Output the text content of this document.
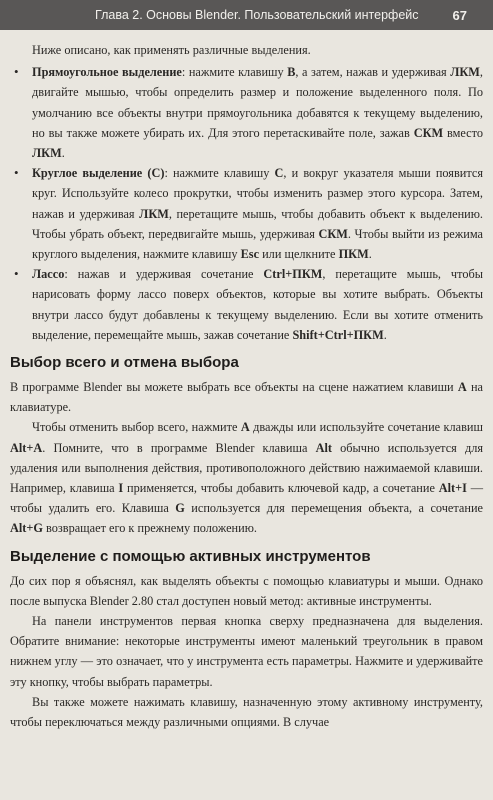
Глава 2. Основы Blender. Пользовательский интерфейс	67

Ниже описано, как применять различные выделения.

• Прямоугольное выделение: нажмите клавишу B, а затем, нажав и удерживая ЛКМ, двигайте мышью, чтобы определить размер и положение выделенного поля. По умолчанию все объекты внутри прямоугольника добавятся к текущему выделению, но вы также можете убирать их. Для этого перетаскивайте поле, зажав СКМ вместо ЛКМ.
• Круглое выделение (C): нажмите клавишу C, и вокруг указателя мыши появится круг. Используйте колесо прокрутки, чтобы изменить размер этого курсора. Затем, нажав и удерживая ЛКМ, перетащите мышь, чтобы добавить объект к выделению. Чтобы убрать объект, передвигайте мышь, удерживая СКМ. Чтобы выйти из режима круглого выделения, нажмите клавишу Esc или щелкните ПКМ.
• Лассо: нажав и удерживая сочетание Ctrl+ПКМ, перетащите мышь, чтобы нарисовать форму лассо поверх объектов, которые вы хотите выбрать. Объекты внутри лассо будут добавлены к текущему выделению. Если вы хотите отменить выделение, перемещайте мышь, зажав сочетание Shift+Ctrl+ПКМ.
Выбор всего и отмена выбора

В программе Blender вы можете выбрать все объекты на сцене нажатием клавиши A на клавиатуре.

Чтобы отменить выбор всего, нажмите A дважды или используйте сочетание клавиш Alt+A. Помните, что в программе Blender клавиша Alt обычно используется для удаления или выполнения действия, противоположного действию нажимаемой клавиши. Например, клавиша I применяется, чтобы добавить ключевой кадр, а сочетание Alt+I — чтобы удалить его. Клавиша G используется для перемещения объекта, а сочетание Alt+G возвращает его к прежнему положению.

Выделение с помощью активных инструментов

До сих пор я объяснял, как выделять объекты с помощью клавиатуры и мыши. Однако после выпуска Blender 2.80 стал доступен новый метод: активные инструменты.

На панели инструментов первая кнопка сверху предназначена для выделения. Обратите внимание: некоторые инструменты имеют маленький треугольник в правом нижнем углу — это означает, что у инструмента есть параметры. Нажмите и удерживайте эту кнопку, чтобы выбрать параметры.

Вы также можете нажимать клавишу, назначенную этому активному инструменту, чтобы переключаться между различными опциями. В случае
